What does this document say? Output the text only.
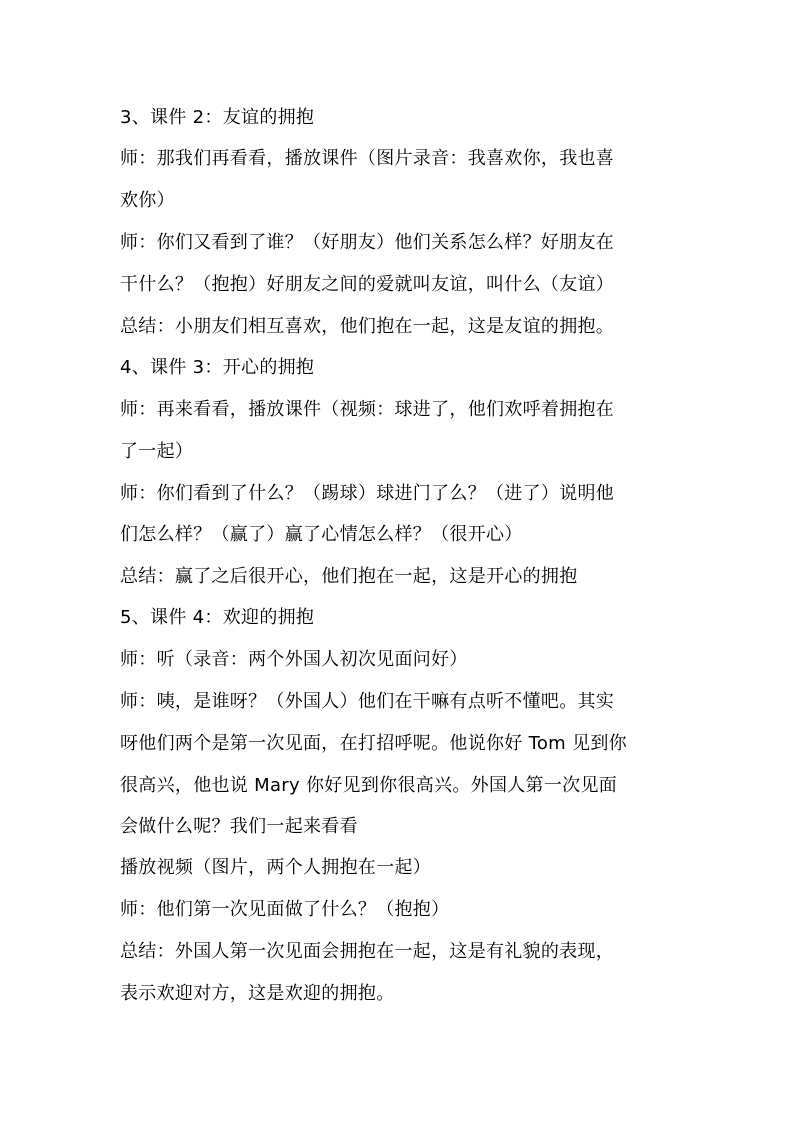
3、课件 2：友谊的拥抱
师：那我们再看看，播放课件（图片录音：我喜欢你，我也喜
欢你）
师：你们又看到了谁？（好朋友）他们关系怎么样？好朋友在
干什么？（抱抱）好朋友之间的爱就叫友谊，叫什么（友谊）
总结：小朋友们相互喜欢，他们抱在一起，这是友谊的拥抱。
4、课件 3：开心的拥抱
师：再来看看，播放课件（视频：球进了，他们欢呼着拥抱在
了一起）
师：你们看到了什么？（踢球）球进门了么？（进了）说明他
们怎么样？（赢了）赢了心情怎么样？（很开心）
总结：赢了之后很开心，他们抱在一起，这是开心的拥抱
5、课件 4：欢迎的拥抱
师：听（录音：两个外国人初次见面问好）
师：咦，是谁呀？（外国人）他们在干嘛有点听不懂吧。其实
呀他们两个是第一次见面，在打招呼呢。他说你好 Tom 见到你
很高兴，他也说 Mary 你好见到你很高兴。外国人第一次见面
会做什么呢？我们一起来看看
播放视频（图片，两个人拥抱在一起）
师：他们第一次见面做了什么？（抱抱）
总结：外国人第一次见面会拥抱在一起，这是有礼貌的表现，
表示欢迎对方，这是欢迎的拥抱。
